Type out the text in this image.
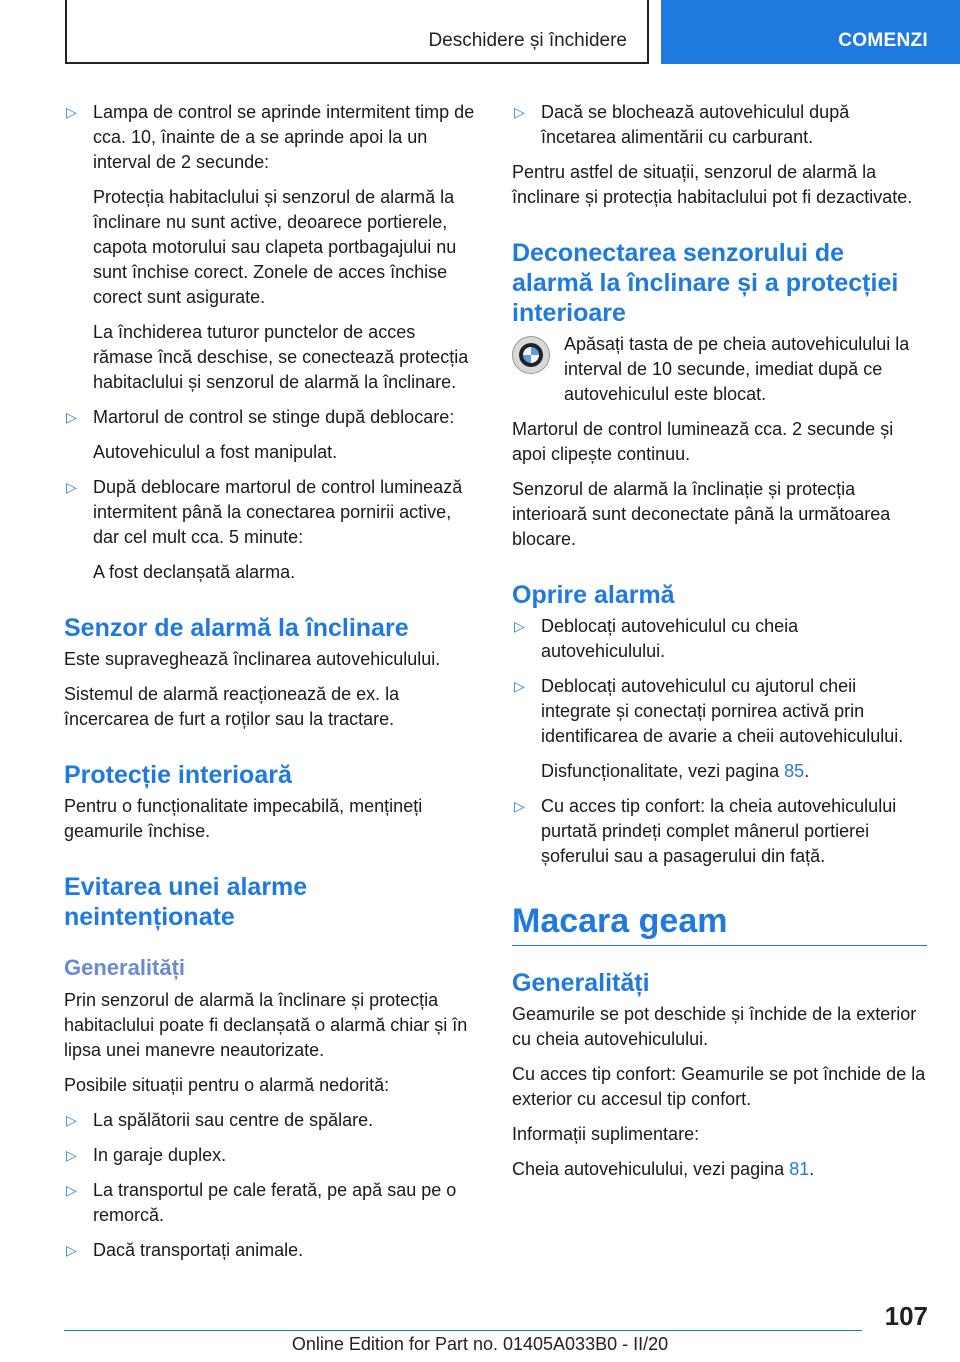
Deschidere și închidere	COMENZI
▷ Lampa de control se aprinde intermitent timp de cca. 10, înainte de a se aprinde apoi la un interval de 2 secunde:

Protecția habitaclului și senzorul de alarmă la înclinare nu sunt active, deoarece portierele, capota motorului sau clapeta portbagajului nu sunt închise corect. Zonele de acces închise corect sunt asigurate.

La închiderea tuturor punctelor de acces rămase încă deschise, se conectează protecția habitaclului și senzorul de alarmă la înclinare.

▷ Martorul de control se stinge după deblocare:

Autovehiculul a fost manipulat.

▷ După deblocare martorul de control luminează intermitent până la conectarea pornirii active, dar cel mult cca. 5 minute:

A fost declanșată alarma.

Senzor de alarmă la înclinare

Este supraveghează înclinarea autovehiculului.

Sistemul de alarmă reacționează de ex. la încercarea de furt a roților sau la tractare.

Protecție interioară

Pentru o funcționalitate impecabilă, mențineți geamurile închise.

Evitarea unei alarme neintenționate
Generalități

Prin senzorul de alarmă la înclinare și protecția habitaclului poate fi declanșată o alarmă chiar și în lipsa unei manevre neautorizate.

Posibile situații pentru o alarmă nedorită:

▷ La spălătorii sau centre de spălare.
▷ In garaje duplex.
▷ La transportul pe cale ferată, pe apă sau pe o remorcă.
▷ Dacă transportați animale.
▷ Dacă se blochează autovehiculul după încetarea alimentării cu carburant.

Pentru astfel de situații, senzorul de alarmă la înclinare și protecția habitaclului pot fi dezactivate.

Deconectarea senzorului de alarmă la înclinare și a protecției interioare

Apăsați tasta de pe cheia autovehiculului la interval de 10 secunde, imediat după ce autovehiculul este blocat.

Martorul de control luminează cca. 2 secunde și apoi clipește continuu.

Senzorul de alarmă la înclinație și protecția interioară sunt deconectate până la următoarea blocare.

Oprire alarmă
▷ Deblocați autovehiculul cu cheia autovehiculului.
▷ Deblocați autovehiculul cu ajutorul cheii integrate și conectați pornirea activă prin identificarea de avarie a cheii autovehiculului.

Disfuncționalitate, vezi pagina 85.

▷ Cu acces tip confort: la cheia autovehiculului purtată prindeți complet mânerul portierei șoferului sau a pasagerului din față.
Macara geam
Generalități

Geamurile se pot deschide și închide de la exterior cu cheia autovehiculului.

Cu acces tip confort: Geamurile se pot închide de la exterior cu accesul tip confort.

Informații suplimentare:

Cheia autovehiculului, vezi pagina 81.

107
Online Edition for Part no. 01405A033B0 - II/20
